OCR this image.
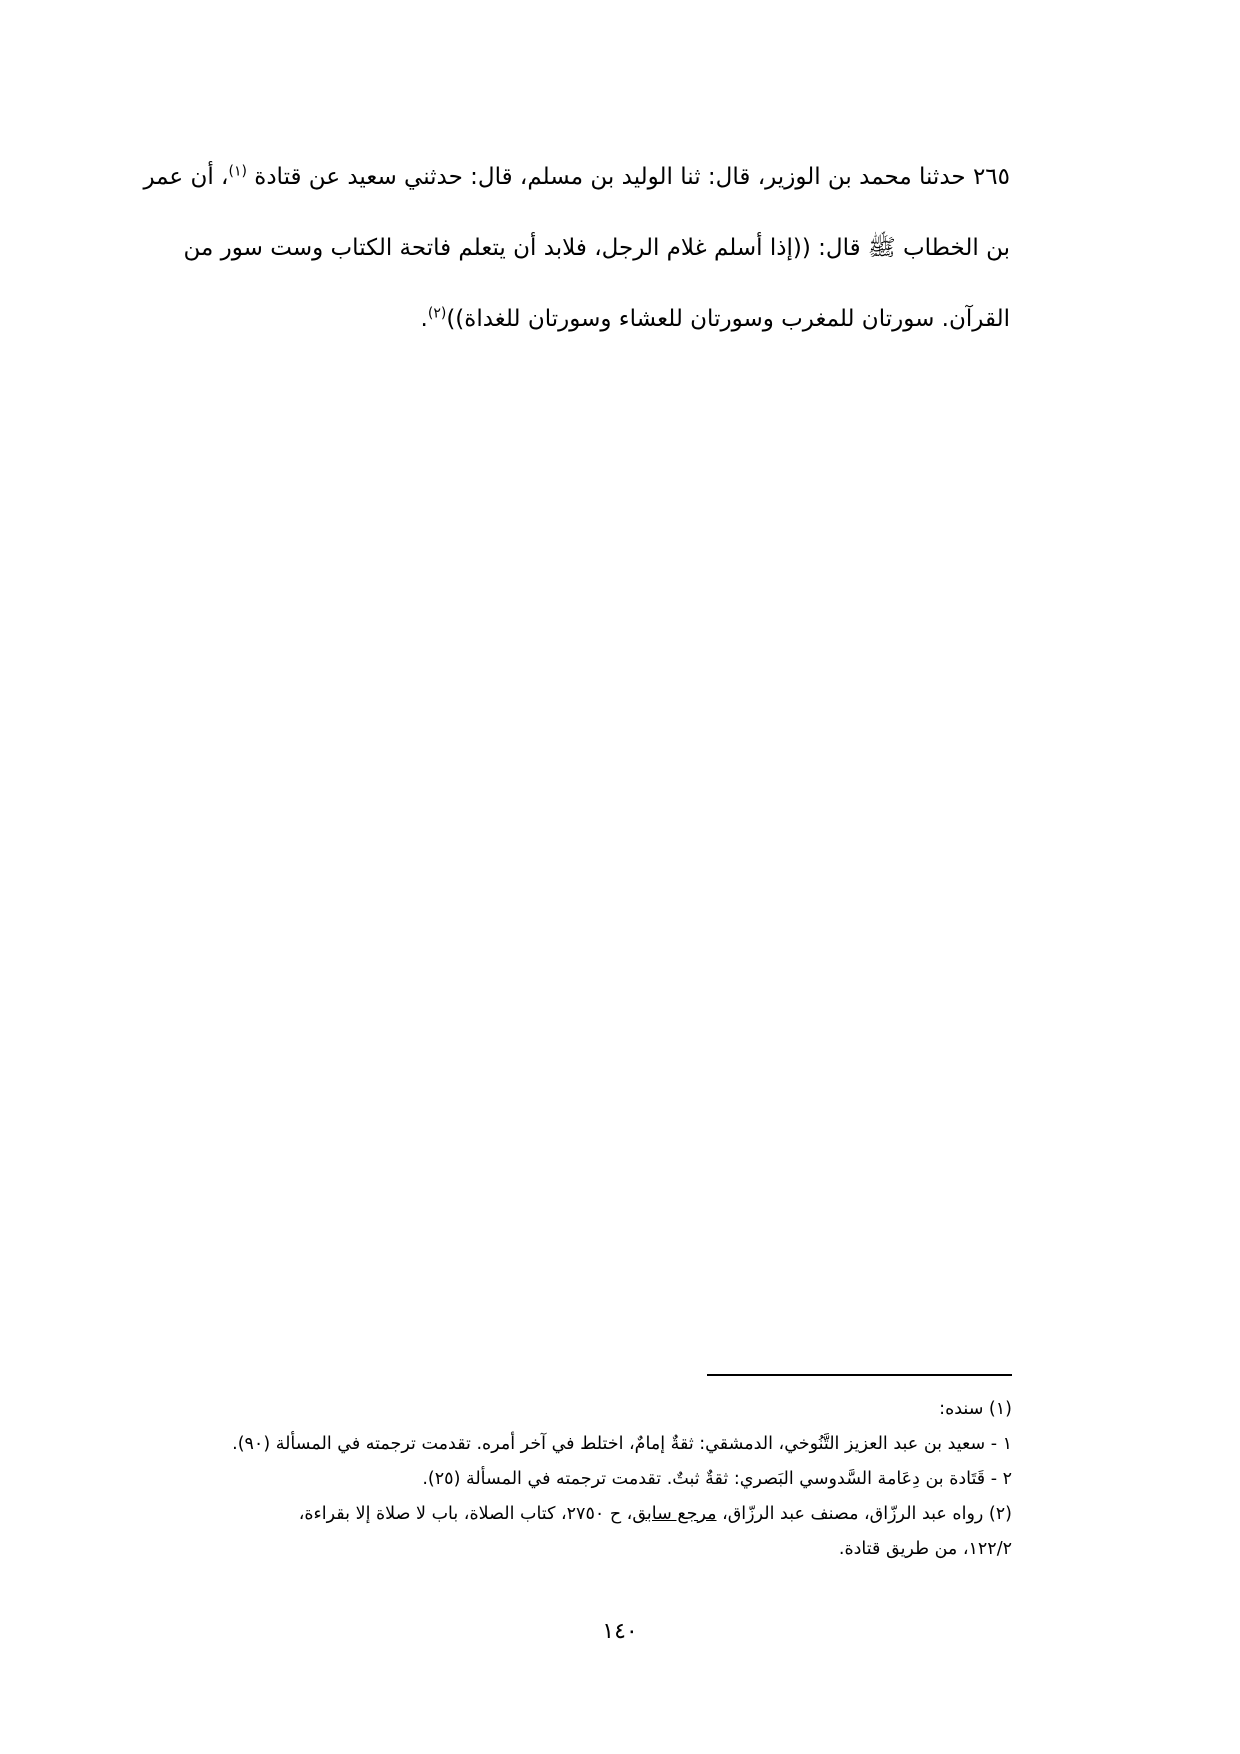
٢٦٥ حدثنا محمد بن الوزير، قال: ثنا الوليد بن مسلم، قال: حدثني سعيد عن قتادة $^{(١)}$، أن عمر
بن الخطاب ﷺ قال: ((إذا أسلم غلام الرجل، فلابد أن يتعلم فاتحة الكتاب وست سور من
القرآن. سورتان للمغرب وسورتان للعشاء وسورتان للغداة))$^{(٢)}$.

(١) سنده:
١ - سعيد بن عبد العزيز التَّنُوخي، الدمشقي: ثقةٌ إمامٌ، اختلط في آخر أمره. تقدمت ترجمته في المسألة (٩٠).
٢ - قَتَادة بن دِعَامة السَّدوسي البَصري: ثقةٌ ثبتٌ. تقدمت ترجمته في المسألة (٢٥).
(٢) رواه عبد الرزّاق، مصنف عبد الرزّاق، مرجع سابق، ح ٢٧٥٠، كتاب الصلاة، باب لا صلاة إلا بقراءة،
١٢٢/٢، من طريق قتادة.
١٤٠
